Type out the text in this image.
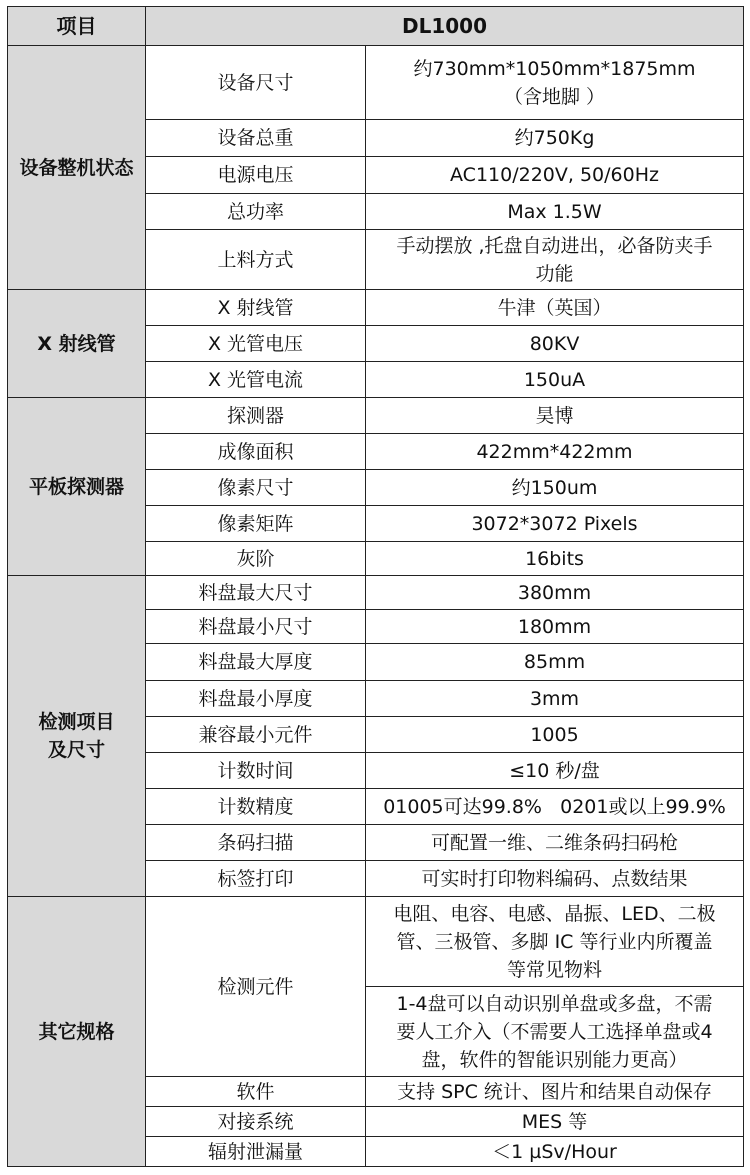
项目	DL1000	
设备整机状态	设备尺寸	约730mm*1050mm*1875mm
（含地脚 ）

	设备总重	约750Kg
	电源电压	AC110/220V, 50/60Hz
	总功率	Max 1.5W
	上料方式	手动摆放 ,托盘自动进出，必备防夹手
功能

X 射线管	X 射线管	牛津（英国）
	X 光管电压	80KV
	X 光管电流	150uA
平板探测器	探测器	昊博
	成像面积	422mm*422mm
	像素尺寸	约150um
	像素矩阵	3072*3072 Pixels
	灰阶	16bits

检测项目
及尺寸	料盘最大尺寸	380mm
	料盘最小尺寸	180mm
	料盘最大厚度	85mm
	料盘最小厚度	3mm
	兼容最小元件	1005
	计数时间	≤10 秒/盘
	计数精度	01005可达99.8%   0201或以上99.9%
	条码扫描	可配置一维、二维条码扫码枪
	标签打印	可实时打印物料编码、点数结果
其它规格	检测元件	电阻、电容、电感、晶振、LED、二极
管、三极管、多脚 IC 等行业内所覆盖
等常见物料

		1-4盘可以自动识别单盘或多盘，不需
要人工介入（不需要人工选择单盘或4
盘，软件的智能识别能力更高）

	软件	支持 SPC 统计、图片和结果自动保存
	对接系统	MES 等
	辐射泄漏量	＜1 µSv/Hour
